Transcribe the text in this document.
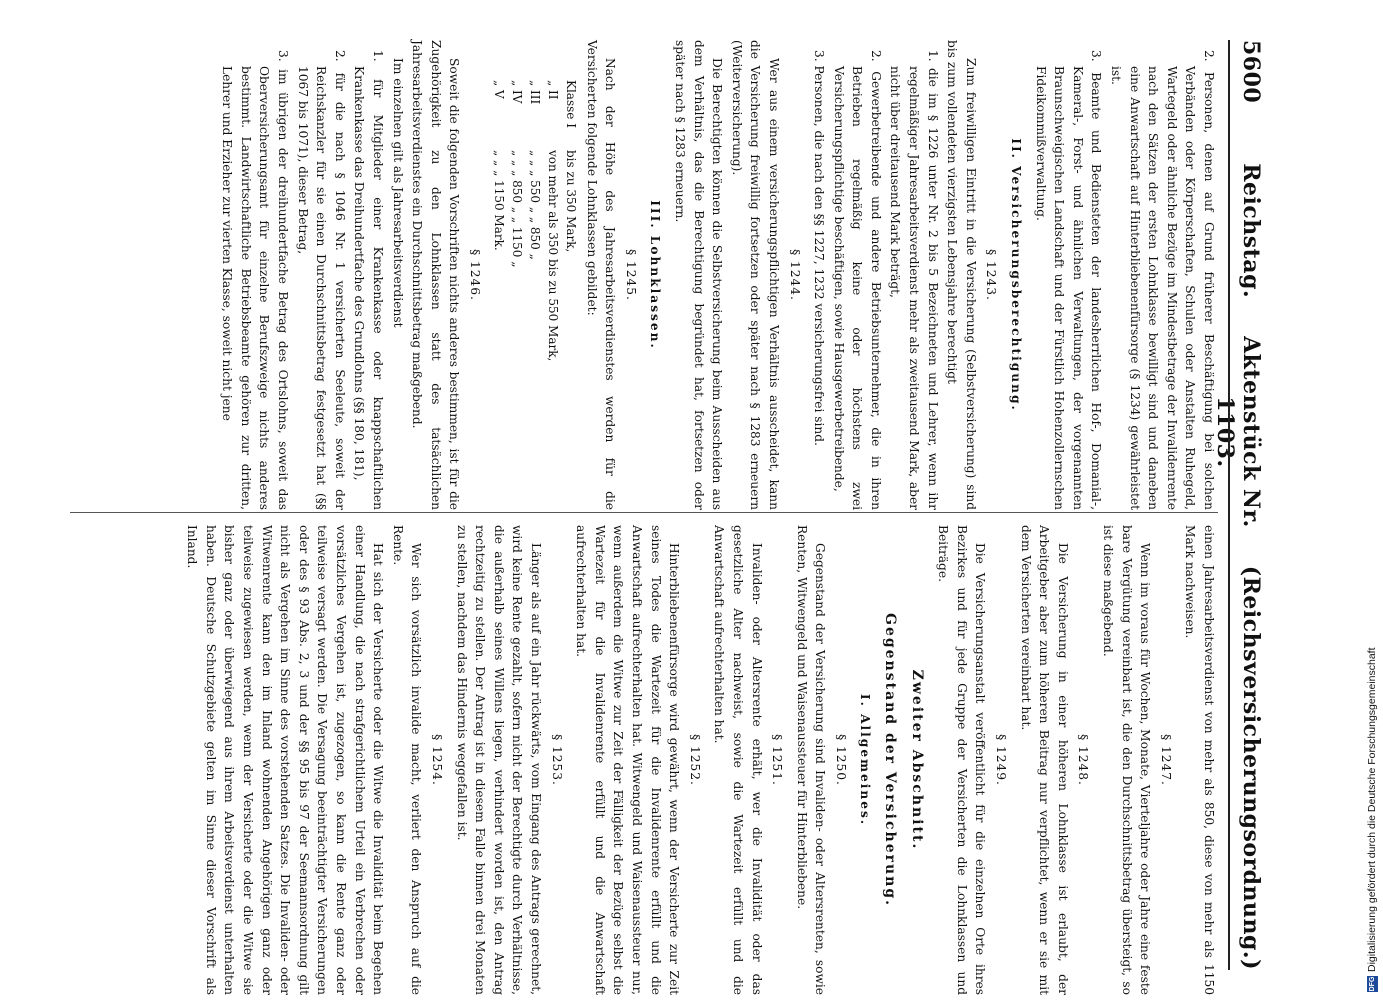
5600
Reichstag.
Aktenstück Nr. 1103.
(Reichsversicherungsordnung.)

2. Personen, denen auf Grund früherer Beschäftigung bei solchen Verbänden oder Körperschaften, Schulen oder Anstalten Ruhegeld, Wartegeld oder ähnliche Bezüge im Mindestbetrage der Invalidenrente nach den Sätzen der ersten Lohnklasse bewilligt sind und daneben eine Anwartschaft auf Hinterbliebenenfürsorge (§ 1234) gewährleistet ist.

3. Beamte und Bediensteten der landesherrlichen Hof-, Domanial-, Kameral-, Forst- und ähnlichen Verwaltungen, der vorgenannten Braunschweigischen Landschaft und der Fürstlich Hohenzollernschen Fideikommißverwaltung.

II. Versicherungsberechtigung.
§ 1243.

Zum freiwilligen Eintritt in die Versicherung (Selbstversicherung) sind bis zum vollendeten vierzigsten Lebensjahre berechtigt

1. die im § 1226 unter Nr. 2 bis 5 Bezeichneten und Lehrer, wenn ihr regelmäßiger Jahresarbeitsverdienst mehr als zweitausend Mark, aber nicht über dreitausend Mark beträgt,

2. Gewerbetreibende und andere Betriebsunternehmer, die in ihren Betrieben regelmäßig keine oder höchstens zwei Versicherungspflichtige beschäftigen, sowie Hausgewerbetreibende,

3. Personen, die nach den §§ 1227, 1232 versicherungsfrei sind.

§ 1244.

Wer aus einem versicherungspflichtigen Verhältnis ausscheidet, kann die Versicherung freiwillig fortsetzen oder später nach § 1283 erneuern (Weiterversicherung).

Die Berechtigten können die Selbstversicherung beim Ausscheiden aus dem Verhältnis, das die Berechtigung begründet hat, fortsetzen oder später nach § 1283 erneuern.

III. Lohnklassen.
§ 1245.

Nach der Höhe des Jahresarbeitsverdienstes werden für die Versicherten folgende Lohnklassen gebildet:

Klasse I
bis zu 350 Mark,
„ II
von mehr als 350 bis zu 550 Mark,
„ III
„ „ „ 550 „ „ 850 „
„ IV
„ „ „ 850 „ „ 1150 „
„ V
„ „ „ 1150 Mark.
§ 1246.

Soweit die folgenden Vorschriften nichts anderes bestimmen, ist für die Zugehörigkeit zu den Lohnklassen statt des tatsächlichen Jahresarbeitsverdienstes ein Durchschnittsbetrag maßgebend.

Im einzelnen gilt als Jahresarbeitsverdienst

1. für Mitglieder einer Krankenkasse oder knappschaftlichen Krankenkasse das Dreihundertfache des Grundlohns (§§ 180, 181),

2. für die nach § 1046 Nr. 1 versicherten Seeleute, soweit der Reichskanzler für sie einen Durchschnittsbetrag festgesetzt hat (§§ 1067 bis 1071), dieser Betrag,

3. im übrigen der dreihundertfache Betrag des Ortslohns, soweit das Oberversicherungsamt für einzelne Berufszweige nichts anderes bestimmt. Landwirtschaftliche Betriebsbeamte gehören zur dritten, Lehrer und Erzieher zur vierten Klasse, soweit nicht jene

einen Jahresarbeitsverdienst von mehr als 850, diese von mehr als 1150 Mark nachweisen.

§ 1247.

Wenn im voraus für Wochen, Monate, Vierteljahre oder Jahre eine feste bare Vergütung vereinbart ist, die den Durchschnittsbetrag übersteigt, so ist diese maßgebend.

§ 1248.

Die Versicherung in einer höheren Lohnklasse ist erlaubt, der Arbeitgeber aber zum höheren Beitrag nur verpflichtet, wenn er sie mit dem Versicherten vereinbart hat.

§ 1249.

Die Versicherungsanstalt veröffentlicht für die einzelnen Orte ihres Bezirkes und für jede Gruppe der Versicherten die Lohnklassen und Beiträge.

Zweiter Abschnitt.
Gegenstand der Versicherung.
I. Allgemeines.
§ 1250.

Gegenstand der Versicherung sind Invaliden- oder Altersrenten, sowie Renten, Witwengeld und Waisenaussteuer für Hinterbliebene.

§ 1251.

Invaliden- oder Altersrente erhält, wer die Invalidität oder das gesetzliche Alter nachweist, sowie die Wartezeit erfüllt und die Anwartschaft aufrechterhalten hat.

§ 1252.

Hinterbliebenenfürsorge wird gewährt, wenn der Versicherte zur Zeit seines Todes die Wartezeit für die Invalidenrente erfüllt und die Anwartschaft aufrechterhalten hat. Witwengeld und Waisenaussteuer nur, wenn außerdem die Witwe zur Zeit der Fälligkeit der Bezüge selbst die Wartezeit für die Invalidenrente erfüllt und die Anwartschaft aufrechterhalten hat.

§ 1253.

Länger als auf ein Jahr rückwärts, vom Eingang des Antrags gerechnet, wird keine Rente gezahlt, sofern nicht der Berechtigte durch Verhältnisse, die außerhalb seines Willens liegen, verhindert worden ist, den Antrag rechtzeitig zu stellen. Der Antrag ist in diesem Falle binnen drei Monaten zu stellen, nachdem das Hindernis weggefallen ist.

§ 1254.

Wer sich vorsätzlich invalide macht, verliert den Anspruch auf die Rente.

Hat sich der Versicherte oder die Witwe die Invalidität beim Begehen einer Handlung, die nach strafgerichtlichem Urteil ein Verbrechen oder vorsätzliches Vergehen ist, zugezogen, so kann die Rente ganz oder teilweise versagt werden. Die Versagung beeinträchtigter Versicherungen oder des § 93 Abs. 2, 3 und der §§ 95 bis 97 der Seemannsordnung gilt nicht als Vergehen im Sinne des vorstehenden Satzes. Die Invaliden- oder Witwenrente kann den im Inland wohnenden Angehörigen ganz oder teilweise zugewiesen werden, wenn der Versicherte oder die Witwe sie bisher ganz oder überwiegend aus ihrem Arbeitsverdienst unterhalten haben. Deutsche Schutzgebiete gelten im Sinne dieser Vorschrift als Inland.

DFG
Digitalisierung gefördert durch die Deutsche Forschungsgemeinschaft
